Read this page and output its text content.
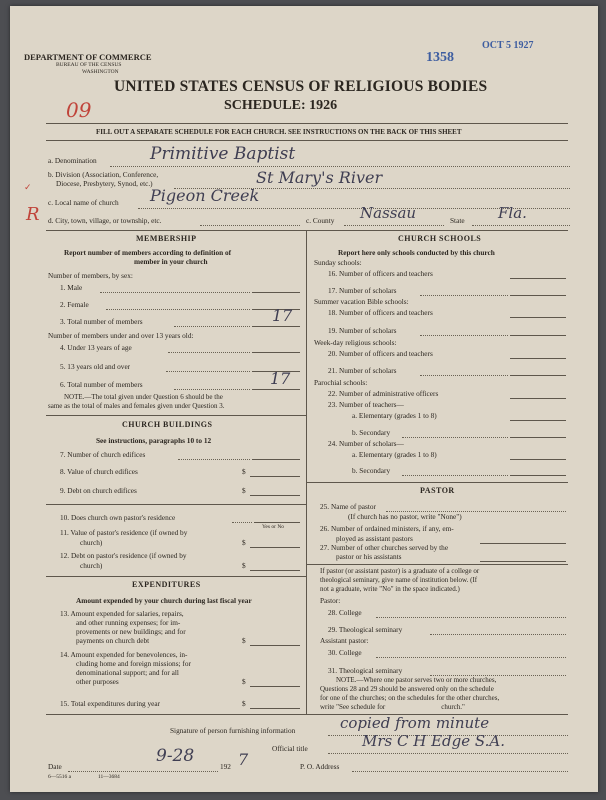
DEPARTMENT OF COMMERCE
BUREAU OF THE CENSUS
WASHINGTON
1358
OCT 5 1927
UNITED STATES CENSUS OF RELIGIOUS BODIES
SCHEDULE: 1926
09
FILL OUT A SEPARATE SCHEDULE FOR EACH CHURCH. SEE INSTRUCTIONS ON THE BACK OF THIS SHEET
a. Denomination	Primitive Baptist
b. Division (Association, Conference,
Diocese, Presbytery, Synod, etc.)	St Mary's River
✓
c. Local name of church Pigeon Creek
R d. City, town, village, or township, etc.	c. County Nassau	State Fla.
MEMBERSHIP
Report number of members according to definition of
member in your church
Number of members, by sex:
1. Male
2. Female
3. Total number of members	17
Number of members under and over 13 years old:
4. Under 13 years of age
5. 13 years old and over
6. Total number of members	17
NOTE.—The total given under Question 6 should be the
same as the total of males and females given under Question 3.
CHURCH BUILDINGS
See instructions, paragraphs 10 to 12
7. Number of church edifices
8. Value of church edifices	$
9. Debt on church edifices	$
10. Does church own pastor's residence
Yes or No
11. Value of pastor's residence (if owned by
church)	$
12. Debt on pastor's residence (if owned by
church)	$
EXPENDITURES
Amount expended by your church during last fiscal year
13. Amount expended for salaries, repairs,
and other running expenses; for im-
provements or new buildings; and for
payments on church debt	$
14. Amount expended for benevolences, in-
cluding home and foreign missions; for
denominational support; and for all
other purposes	$
15. Total expenditures during year	$
CHURCH SCHOOLS
Report here only schools conducted by this church
Sunday schools:
16. Number of officers and teachers
17. Number of scholars
Summer vacation Bible schools:
18. Number of officers and teachers
19. Number of scholars
Week-day religious schools:
20. Number of officers and teachers
21. Number of scholars
Parochial schools:
22. Number of administrative officers
23. Number of teachers—
a. Elementary (grades 1 to 8)
b. Secondary
24. Number of scholars—
a. Elementary (grades 1 to 8)
b. Secondary
PASTOR
25. Name of pastor
(If church has no pastor, write "None")
26. Number of ordained ministers, if any, em-
ployed as assistant pastors
27. Number of other churches served by the
pastor or his assistants
If pastor (or assistant pastor) is a graduate of a college or
theological seminary, give name of institution below. (If
not a graduate, write "No" in the space indicated.)
Pastor:
28. College
29. Theological seminary
Assistant pastor:
30. College
31. Theological seminary
NOTE.—Where one pastor serves two or more churches,
Questions 28 and 29 should be answered only on the schedule
for one of the churches; on the schedules for the other churches,
write "See schedule for                                church."
Signature of person furnishing information	copied from minute
Official title	Mrs C H Edge S.A.
Date
9-28
192 7	P. O. Address
6—5516 a	11—3684
